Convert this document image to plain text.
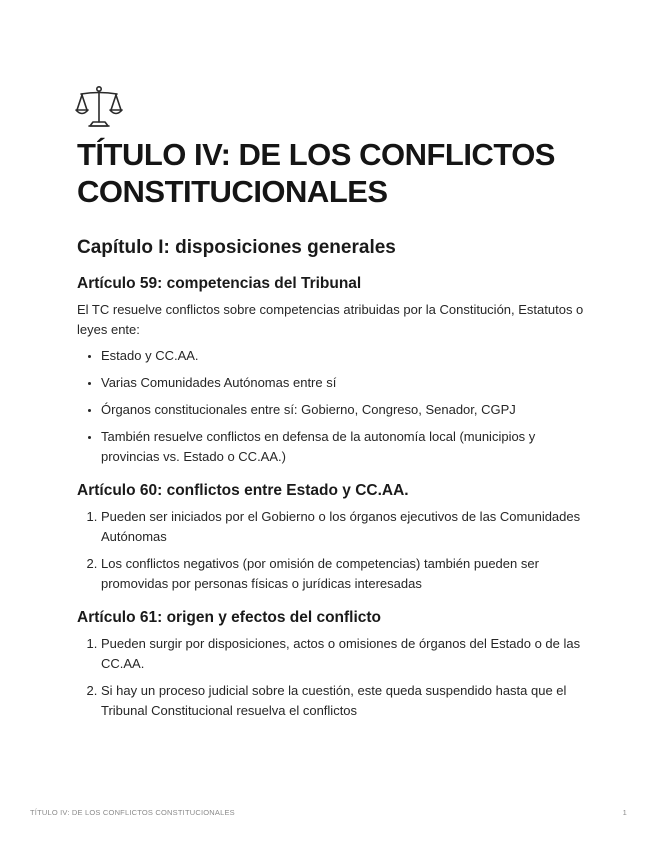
TÍTULO IV: DE LOS CONFLICTOS CONSTITUCIONALES
Capítulo I: disposiciones generales
Artículo 59: competencias del Tribunal

El TC resuelve conflictos sobre competencias atribuidas por la Constitución, Estatutos o leyes ente:

• Estado y CC.AA.
• Varias Comunidades Autónomas entre sí
• Órganos constitucionales entre sí: Gobierno, Congreso, Senador, CGPJ
• También resuelve conflictos en defensa de la autonomía local (municipios y provincias vs. Estado o CC.AA.)
Artículo 60: conflictos entre Estado y CC.AA.
1. Pueden ser iniciados por el Gobierno o los órganos ejecutivos de las Comunidades Autónomas
2. Los conflictos negativos (por omisión de competencias) también pueden ser promovidas por personas físicas o jurídicas interesadas
Artículo 61: origen y efectos del conflicto
1. Pueden surgir por disposiciones, actos o omisiones de órganos del Estado o de las CC.AA.
2. Si hay un proceso judicial sobre la cuestión, este queda suspendido hasta que el Tribunal Constitucional resuelva el conflictos
TÍTULO IV: DE LOS CONFLICTOS CONSTITUCIONALES	1
